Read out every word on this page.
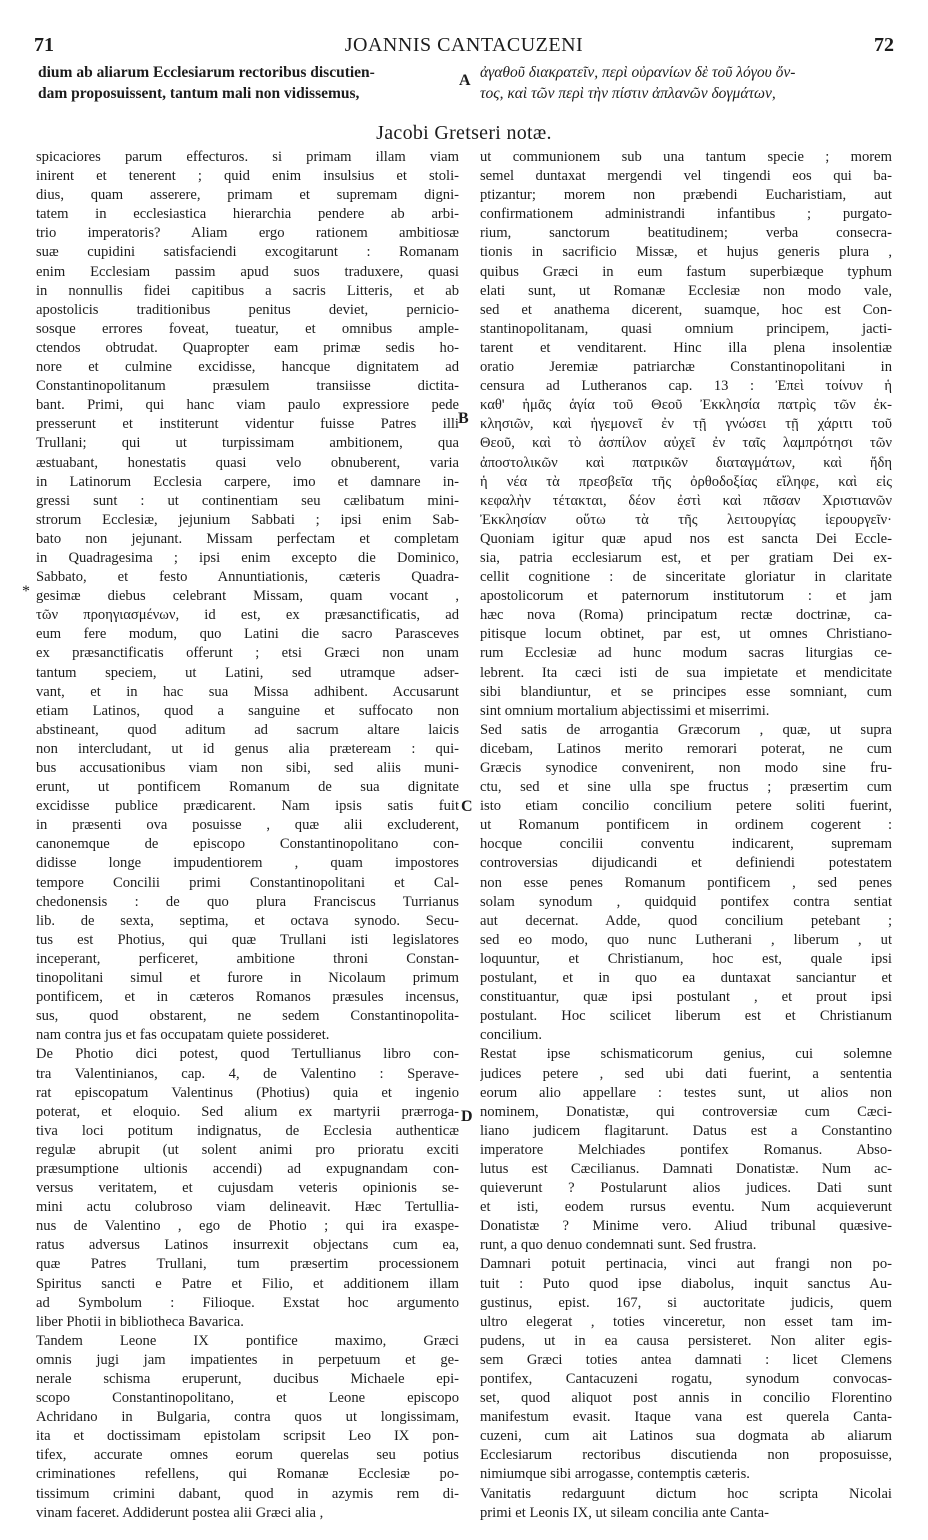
71	JOANNIS CANTACUZENI	72
dium ab aliarum Ecclesiarum rectoribus discutien-
dam proposuissent, tantum mali non vidissemus,
ἀγαθοῦ διακρατεῖν, περὶ οὐρανίων δὲ τοῦ λόγου ὄν-
τος, καὶ τῶν περὶ τὴν πίστιν ἀπλανῶν δογμάτων,
A
B
C
D
*
Jacobi Gretseri notæ.
spicaciores parum effecturos. si primam illam viam
inirent et tenerent ; quid enim insulsius et stoli-
dius, quam asserere, primam et supremam digni-
tatem in ecclesiastica hierarchia pendere ab arbi-
trio imperatoris? Aliam ergo rationem ambitiosæ
suæ cupidini satisfaciendi excogitarunt : Romanam
enim Ecclesiam passim apud suos traduxere, quasi
in nonnullis fidei capitibus a sacris Litteris, et ab
apostolicis traditionibus penitus deviet, pernicio-
sosque errores foveat, tueatur, et omnibus ample-
ctendos obtrudat. Quapropter eam primæ sedis ho-
nore et culmine excidisse, hancque dignitatem ad
Constantinopolitanum præsulem transiisse dictita-
bant. Primi, qui hanc viam paulo expressiore pede
presserunt et institerunt videntur fuisse Patres illi
Trullani; qui ut turpissimam ambitionem, qua
æstuabant, honestatis quasi velo obnuberent, varia
in Latinorum Ecclesia carpere, imo et damnare in-
gressi sunt : ut continentiam seu cælibatum mini-
strorum Ecclesiæ, jejunium Sabbati ; ipsi enim Sab-
bato non jejunant. Missam perfectam et completam
in Quadragesima ; ipsi enim excepto die Dominico,
Sabbato, et festo Annuntiationis, cæteris Quadra-
gesimæ diebus celebrant Missam, quam vocant ,
τῶν προηγιασμένων, id est, ex præsanctificatis, ad
eum fere modum, quo Latini die sacro Parasceves
ex præsanctificatis offerunt ; etsi Græci non unam
tantum speciem, ut Latini, sed utramque adser-
vant, et in hac sua Missa adhibent. Accusarunt
etiam Latinos, quod a sanguine et suffocato non
abstineant, quod aditum ad sacrum altare laicis
non intercludant, ut id genus alia præteream : qui-
bus accusationibus viam non sibi, sed aliis muni-
erunt, ut pontificem Romanum de sua dignitate
excidisse publice prædicarent. Nam ipsis satis fuit
in præsenti ova posuisse , quæ alii excluderent,
canonemque de episcopo Constantinopolitano con-
didisse longe impudentiorem , quam impostores
tempore Concilii primi Constantinopolitani et Cal-
chedonensis : de quo plura Franciscus Turrianus
lib. de sexta, septima, et octava synodo. Secu-
tus est Photius, qui quæ Trullani isti legislatores
inceperant, perficeret, ambitione throni Constan-
tinopolitani simul et furore in Nicolaum primum
pontificem, et in cæteros Romanos præsules incensus,
sus, quod obstarent, ne sedem Constantinopolita-
nam contra jus et fas occupatam quiete possideret.
De Photio dici potest, quod Tertullianus libro con-
tra Valentinianos, cap. 4, de Valentino : Sperave-
rat episcopatum Valentinus (Photius) quia et ingenio
poterat, et eloquio. Sed alium ex martyrii prærroga-
tiva loci potitum indignatus, de Ecclesia authenticæ
regulæ abrupit (ut solent animi pro prioratu exciti
præsumptione ultionis accendi) ad expugnandam con-
versus veritatem, et cujusdam veteris opinionis se-
mini actu colubroso viam delineavit. Hæc Tertullia-
nus de Valentino , ego de Photio ; qui ira exaspe-
ratus adversus Latinos insurrexit objectans cum ea,
quæ Patres Trullani, tum præsertim processionem
Spiritus sancti e Patre et Filio, et additionem illam
ad Symbolum : Filioque. Exstat hoc argumento
liber Photii in bibliotheca Bavarica.
Tandem Leone IX pontifice maximo, Græci
omnis jugi jam impatientes in perpetuum et ge-
nerale schisma eruperunt, ducibus Michaele epi-
scopo Constantinopolitano, et Leone episcopo
Achridano in Bulgaria, contra quos ut longissimam,
ita et doctissimam epistolam scripsit Leo IX pon-
tifex, accurate omnes eorum querelas seu potius
criminationes refellens, qui Romanæ Ecclesiæ po-
tissimum crimini dabant, quod in azymis rem di-
vinam faceret. Addiderunt postea alii Græci alia ,
ut communionem sub una tantum specie ; morem
semel duntaxat mergendi vel tingendi eos qui ba-
ptizantur; morem non præbendi Eucharistiam, aut
confirmationem administrandi infantibus ; purgato-
rium, sanctorum beatitudinem; verba consecra-
tionis in sacrificio Missæ, et hujus generis plura ,
quibus Græci in eum fastum superbiæque typhum
elati sunt, ut Romanæ Ecclesiæ non modo vale,
sed et anathema dicerent, suamque, hoc est Con-
stantinopolitanam, quasi omnium principem, jacti-
tarent et venditarent. Hinc illa plena insolentiæ
oratio Jeremiæ patriarchæ Constantinopolitani in
censura ad Lutheranos cap. 13 : Ἐπεὶ τοίνυν ἡ
καθ' ἡμᾶς ἁγία τοῦ Θεοῦ Ἐκκλησία πατρὶς τῶν ἐκ-
κλησιῶν, καὶ ἡγεμονεῖ ἐν τῇ γνώσει τῇ χάριτι τοῦ
Θεοῦ, καὶ τὸ ἀσπίλον αὐχεῖ ἐν ταῖς λαμπρότησι τῶν
ἀποστολικῶν καὶ πατρικῶν διαταγμάτων, καὶ ἤδη
ἡ νέα τὰ πρεσβεῖα τῆς ὀρθοδοξίας εἴληφε, καὶ εἰς
κεφαλὴν τέτακται, δέον ἐστὶ καὶ πᾶσαν Χριστιανῶν
Ἐκκλησίαν οὕτω τὰ τῆς λειτουργίας ἱερουργεῖν·
Quoniam igitur quæ apud nos est sancta Dei Eccle-
sia, patria ecclesiarum est, et per gratiam Dei ex-
cellit cognitione : de sinceritate gloriatur in claritate
apostolicorum et paternorum institutorum : et jam
hæc nova (Roma) principatum rectæ doctrinæ, ca-
pitisque locum obtinet, par est, ut omnes Christiano-
rum Ecclesiæ ad hunc modum sacras liturgias ce-
lebrent. Ita cæci isti de sua impietate et mendicitate
sibi blandiuntur, et se principes esse somniant, cum
sint omnium mortalium abjectissimi et miserrimi.
Sed satis de arrogantia Græcorum , quæ, ut supra
dicebam, Latinos merito remorari poterat, ne cum
Græcis synodice convenirent, non modo sine fru-
ctu, sed et sine ulla spe fructus ; præsertim cum
isto etiam concilio concilium petere soliti fuerint,
ut Romanum pontificem in ordinem cogerent :
hocque concilii conventu indicarent, supremam
controversias dijudicandi et definiendi potestatem
non esse penes Romanum pontificem , sed penes
solam synodum , quidquid pontifex contra sentiat
aut decernat. Adde, quod concilium petebant ;
sed eo modo, quo nunc Lutherani , liberum , ut
loquuntur, et Christianum, hoc est, quale ipsi
postulant, et in quo ea duntaxat sanciantur et
constituantur, quæ ipsi postulant , et prout ipsi
postulant. Hoc scilicet liberum est et Christianum
concilium.
Restat ipse schismaticorum genius, cui solemne
judices petere , sed ubi dati fuerint, a sententia
eorum alio appellare : testes sunt, ut alios non
nominem, Donatistæ, qui controversiæ cum Cæci-
liano judicem flagitarunt. Datus est a Constantino
imperatore Melchiades pontifex Romanus. Abso-
lutus est Cæcilianus. Damnati Donatistæ. Num ac-
quieverunt ? Postularunt alios judices. Dati sunt
et isti, eodem rursus eventu. Num acquieverunt
Donatistæ ? Minime vero. Aliud tribunal quæsive-
runt, a quo denuo condemnati sunt. Sed frustra.
Damnari potuit pertinacia, vinci aut frangi non po-
tuit : Puto quod ipse diabolus, inquit sanctus Au-
gustinus, epist. 167, si auctoritate judicis, quem
ultro elegerat , toties vinceretur, non esset tam im-
pudens, ut in ea causa persisteret. Non aliter egis-
sem Græci toties antea damnati : licet Clemens
pontifex, Cantacuzeni rogatu, synodum convocas-
set, quod aliquot post annis in concilio Florentino
manifestum evasit. Itaque vana est querela Canta-
cuzeni, cum ait Latinos sua dogmata ab aliarum
Ecclesiarum rectoribus discutienda non proposuisse,
nimiumque sibi arrogasse, contemptis cæteris.
Vanitatis redarguunt dictum hoc scripta Nicolai
primi et Leonis IX, ut sileam concilia ante Canta-
